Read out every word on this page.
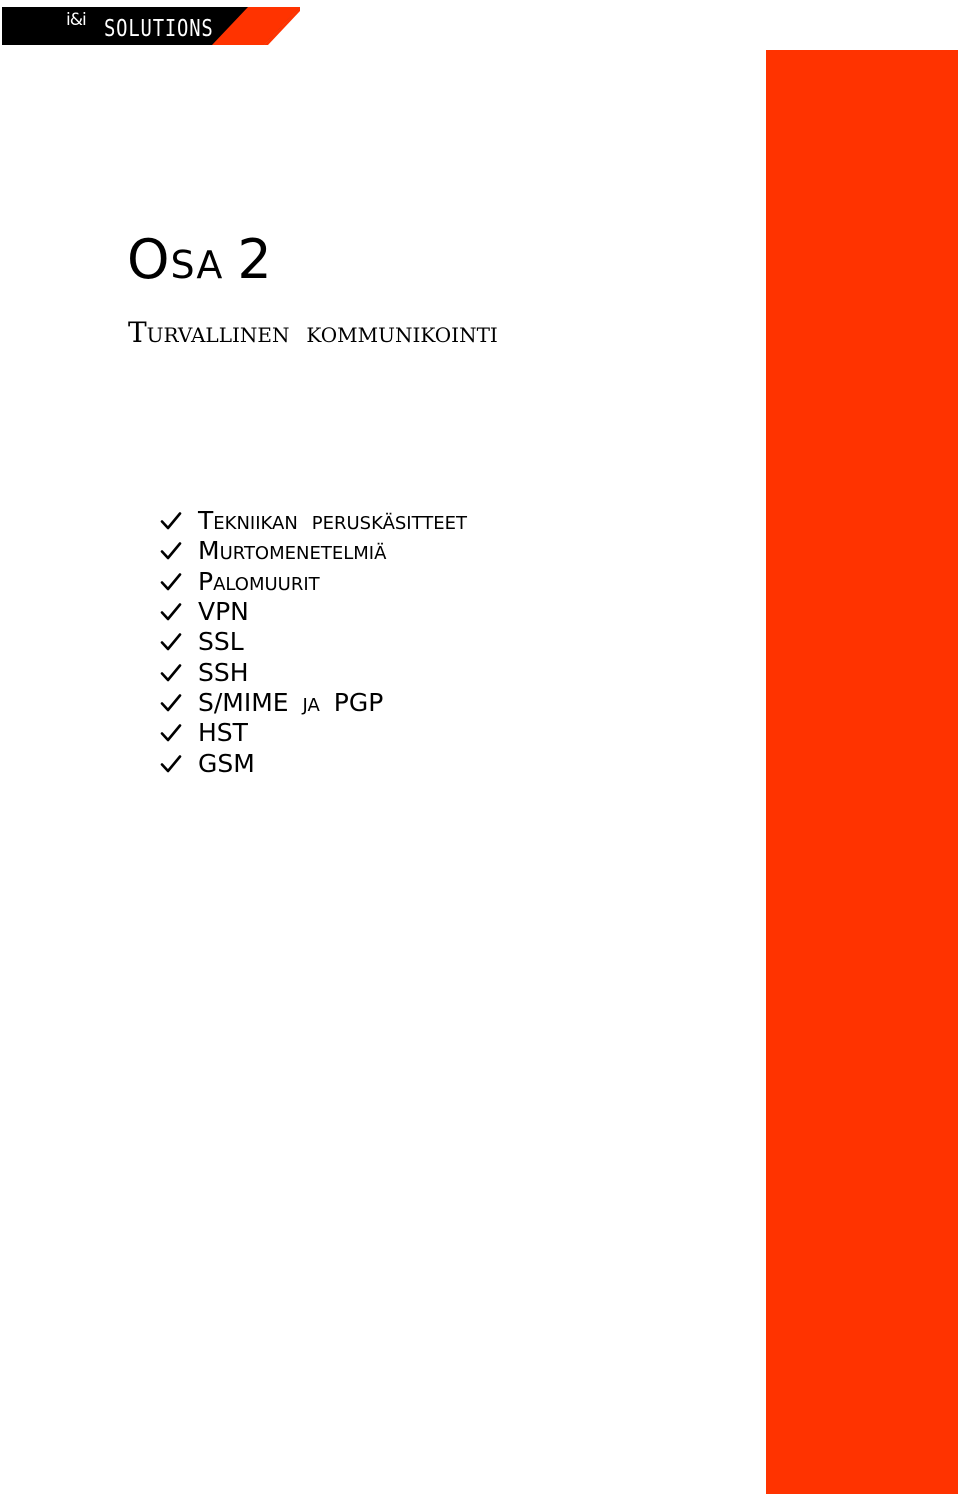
i&i SOLUTIONS
Osa 2
Turvallinen kommunikointi
Tekniikan peruskäsitteet
Murtomenetelmiä
Palomuurit
VPN
SSL
SSH
S/MIME ja PGP
HST
GSM
